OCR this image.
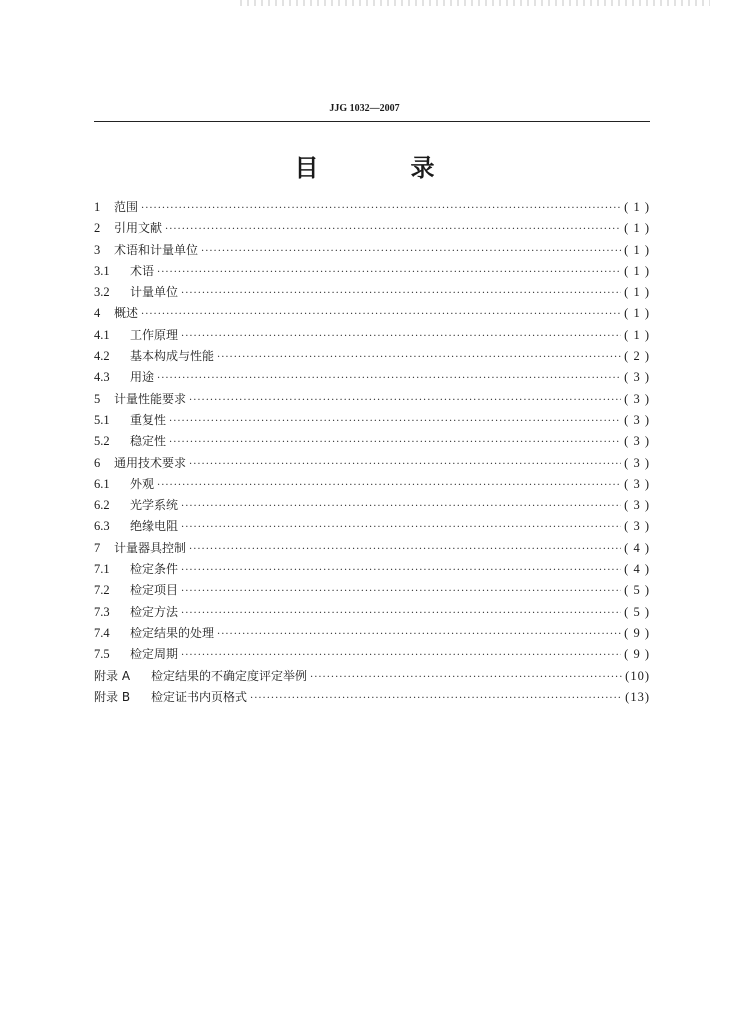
JJG 1032—2007
目　录
1	范围 ·····	( 1 )
2	引用文献 ·····	( 1 )
3	术语和计量单位 ·····	( 1 )
3.1	术语 ·····	( 1 )
3.2	计量单位 ·····	( 1 )
4	概述 ·····	( 1 )
4.1	工作原理 ·····	( 1 )
4.2	基本构成与性能 ·····	( 2 )
4.3	用途 ·····	( 3 )
5	计量性能要求 ·····	( 3 )
5.1	重复性 ·····	( 3 )
5.2	稳定性 ·····	( 3 )
6	通用技术要求 ·····	( 3 )
6.1	外观 ·····	( 3 )
6.2	光学系统 ·····	( 3 )
6.3	绝缘电阻 ·····	( 3 )
7	计量器具控制 ·····	( 4 )
7.1	检定条件 ·····	( 4 )
7.2	检定项目 ·····	( 5 )
7.3	检定方法 ·····	( 5 )
7.4	检定结果的处理 ·····	( 9 )
7.5	检定周期 ·····	( 9 )
附录 A	检定结果的不确定度评定举例 ·····	(10)
附录 B	检定证书内页格式 ·····	(13)
